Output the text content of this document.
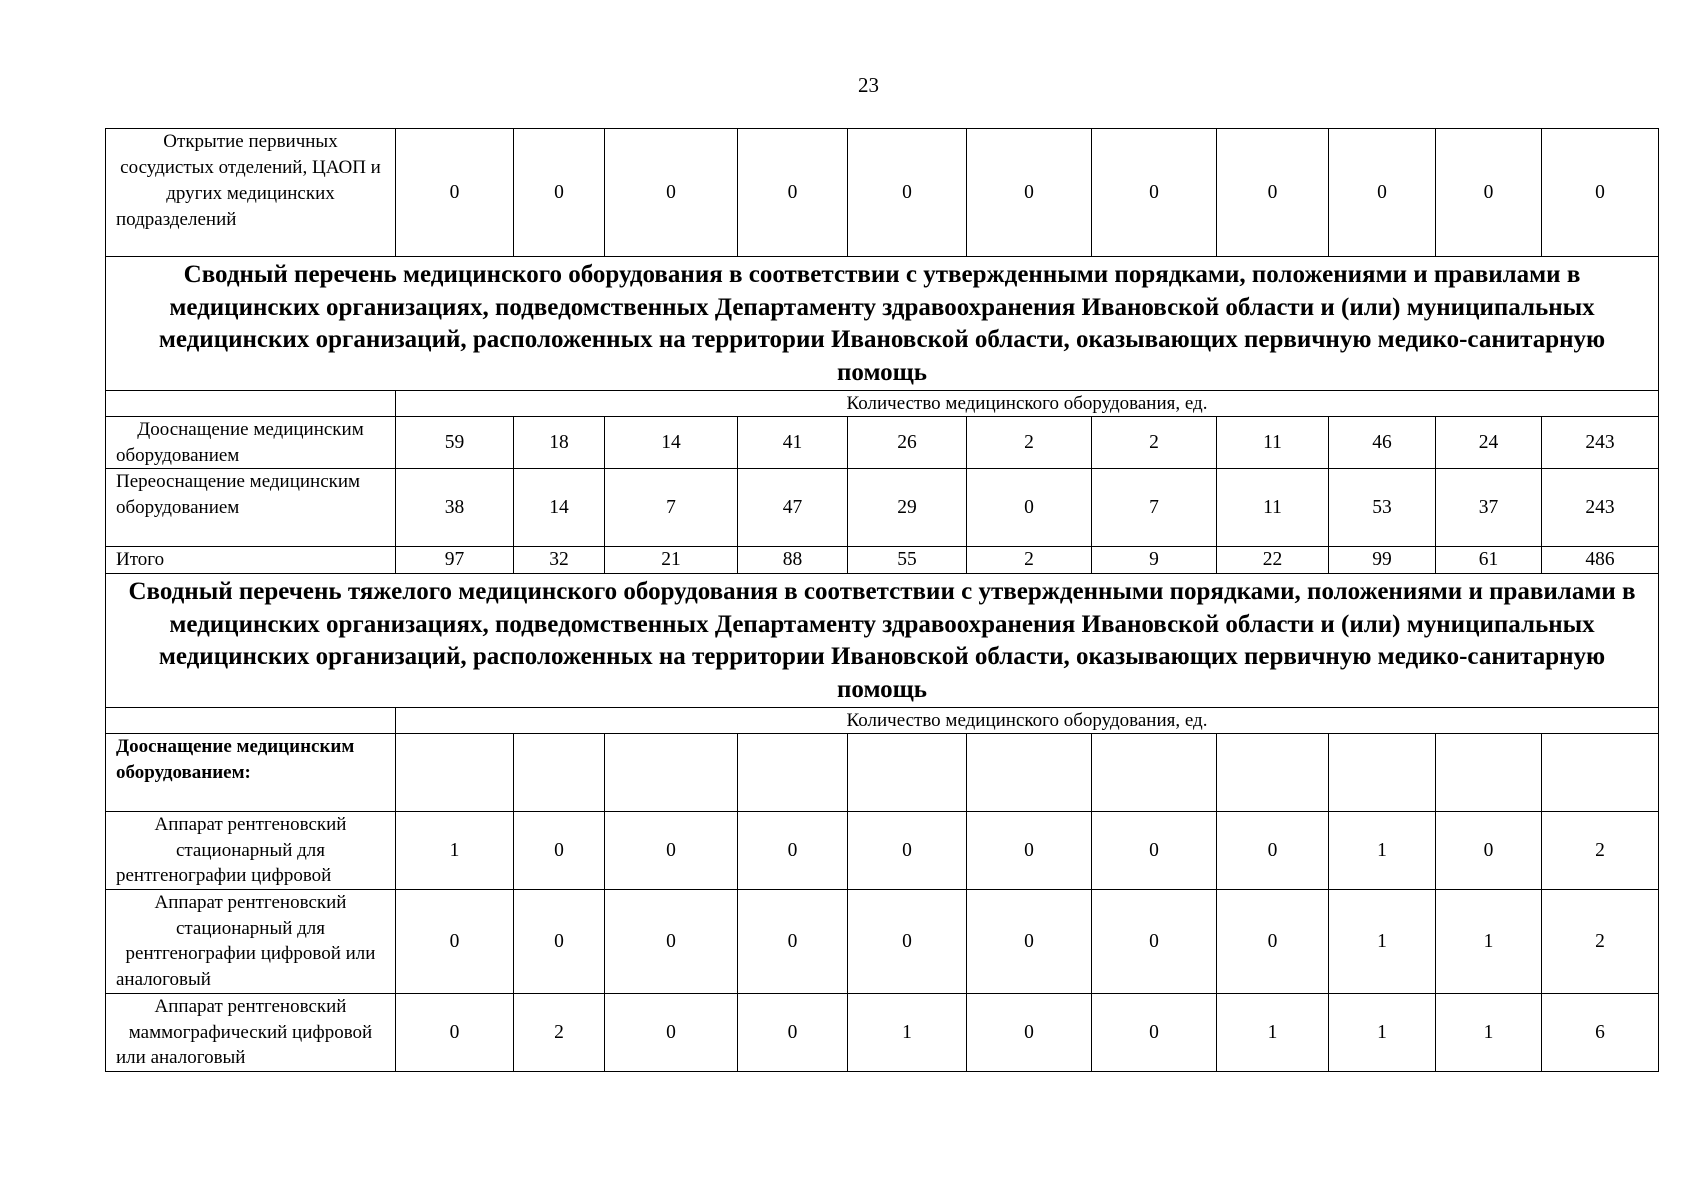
23
Открытие первичных сосудистых отделений, ЦАОП и других медицинских подразделений	0	0	0	0	0	0	0	0	0	0	0
Сводный перечень медицинского оборудования в соответствии с утвержденными порядками, положениями и правилами в медицинских организациях, подведомственных Департаменту здравоохранения Ивановской области и (или) муниципальных медицинских организаций, расположенных на территории Ивановской области, оказывающих первичную медико-санитарную помощь											
	Количество медицинского оборудования, ед.										
Дооснащение медицинским оборудованием	59	18	14	41	26	2	2	11	46	24	243
Переоснащение медицинским оборудованием	38	14	7	47	29	0	7	11	53	37	243
Итого	97	32	21	88	55	2	9	22	99	61	486
Сводный перечень тяжелого медицинского оборудования в соответствии с утвержденными порядками, положениями и правилами в медицинских организациях, подведомственных Департаменту здравоохранения Ивановской области и (или) муниципальных медицинских организаций, расположенных на территории Ивановской области, оказывающих первичную медико-санитарную помощь											
	Количество медицинского оборудования, ед.										
Дооснащение медицинским оборудованием:											
Аппарат рентгеновский стационарный для рентгенографии цифровой	1	0	0	0	0	0	0	0	1	0	2
Аппарат рентгеновский стационарный для рентгенографии цифровой или аналоговый	0	0	0	0	0	0	0	0	1	1	2
Аппарат рентгеновский маммографический цифровой или аналоговый	0	2	0	0	1	0	0	1	1	1	6
